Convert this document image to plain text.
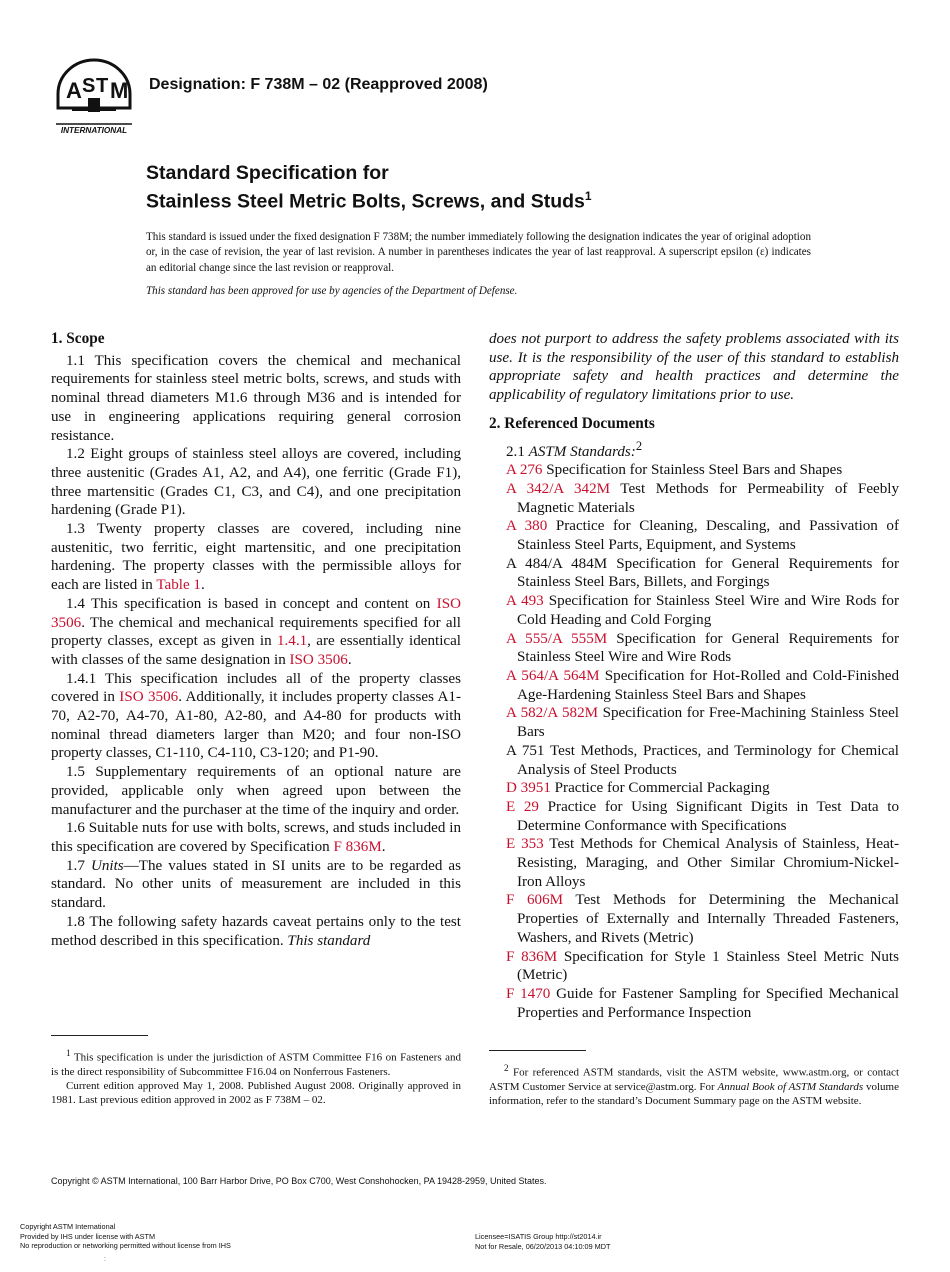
A S T M
INTERNATIONAL
Designation: F 738M – 02 (Reapproved 2008)
Standard Specification for
Stainless Steel Metric Bolts, Screws, and Studs$^1$
This standard is issued under the fixed designation F 738M; the number immediately following the designation indicates the year of original adoption or, in the case of revision, the year of last revision. A number in parentheses indicates the year of last reapproval. A superscript epsilon (ε) indicates an editorial change since the last revision or reapproval.
This standard has been approved for use by agencies of the Department of Defense.
1. Scope

1.1 This specification covers the chemical and mechanical requirements for stainless steel metric bolts, screws, and studs with nominal thread diameters M1.6 through M36 and is intended for use in engineering applications requiring general corrosion resistance.

1.2 Eight groups of stainless steel alloys are covered, including three austenitic (Grades A1, A2, and A4), one ferritic (Grade F1), three martensitic (Grades C1, C3, and C4), and one precipitation hardening (Grade P1).

1.3 Twenty property classes are covered, including nine austenitic, two ferritic, eight martensitic, and one precipitation hardening. The property classes with the permissible alloys for each are listed in Table 1.

1.4 This specification is based in concept and content on ISO 3506. The chemical and mechanical requirements specified for all property classes, except as given in 1.4.1, are essentially identical with classes of the same designation in ISO 3506.

1.4.1 This specification includes all of the property classes covered in ISO 3506. Additionally, it includes property classes A1-70, A2-70, A4-70, A1-80, A2-80, and A4-80 for products with nominal thread diameters larger than M20; and four non-ISO property classes, C1-110, C4-110, C3-120; and P1-90.

1.5 Supplementary requirements of an optional nature are provided, applicable only when agreed upon between the manufacturer and the purchaser at the time of the inquiry and order.

1.6 Suitable nuts for use with bolts, screws, and studs included in this specification are covered by Specification F 836M.

1.7 Units—The values stated in SI units are to be regarded as standard. No other units of measurement are included in this standard.

1.8 The following safety hazards caveat pertains only to the test method described in this specification. This standard

does not purport to address the safety problems associated with its use. It is the responsibility of the user of this standard to establish appropriate safety and health practices and determine the applicability of regulatory limitations prior to use.

2. Referenced Documents

2.1 ASTM Standards:$^2$

A 276 Specification for Stainless Steel Bars and Shapes

A 342/A 342M Test Methods for Permeability of Feebly Magnetic Materials

A 380 Practice for Cleaning, Descaling, and Passivation of Stainless Steel Parts, Equipment, and Systems

A 484/A 484M Specification for General Requirements for Stainless Steel Bars, Billets, and Forgings

A 493 Specification for Stainless Steel Wire and Wire Rods for Cold Heading and Cold Forging

A 555/A 555M Specification for General Requirements for Stainless Steel Wire and Wire Rods

A 564/A 564M Specification for Hot-Rolled and Cold-Finished Age-Hardening Stainless Steel Bars and Shapes

A 582/A 582M Specification for Free-Machining Stainless Steel Bars

A 751 Test Methods, Practices, and Terminology for Chemical Analysis of Steel Products

D 3951 Practice for Commercial Packaging

E 29 Practice for Using Significant Digits in Test Data to Determine Conformance with Specifications

E 353 Test Methods for Chemical Analysis of Stainless, Heat-Resisting, Maraging, and Other Similar Chromium-Nickel-Iron Alloys

F 606M Test Methods for Determining the Mechanical Properties of Externally and Internally Threaded Fasteners, Washers, and Rivets (Metric)

F 836M Specification for Style 1 Stainless Steel Metric Nuts (Metric)

F 1470 Guide for Fastener Sampling for Specified Mechanical Properties and Performance Inspection

$^1$ This specification is under the jurisdiction of ASTM Committee F16 on Fasteners and is the direct responsibility of Subcommittee F16.04 on Nonferrous Fasteners.

Current edition approved May 1, 2008. Published August 2008. Originally approved in 1981. Last previous edition approved in 2002 as F 738M – 02.

$^2$ For referenced ASTM standards, visit the ASTM website, www.astm.org, or contact ASTM Customer Service at service@astm.org. For Annual Book of ASTM Standards volume information, refer to the standard’s Document Summary page on the ASTM website.

Copyright © ASTM International, 100 Barr Harbor Drive, PO Box C700, West Conshohocken, PA 19428-2959, United States.
Copyright ASTM International
Provided by IHS under license with ASTM
No reproduction or networking permitted without license from IHS
Licensee=ISATIS Group http://st2014.ir
Not for Resale, 06/20/2013 04:10:09 MDT
:
